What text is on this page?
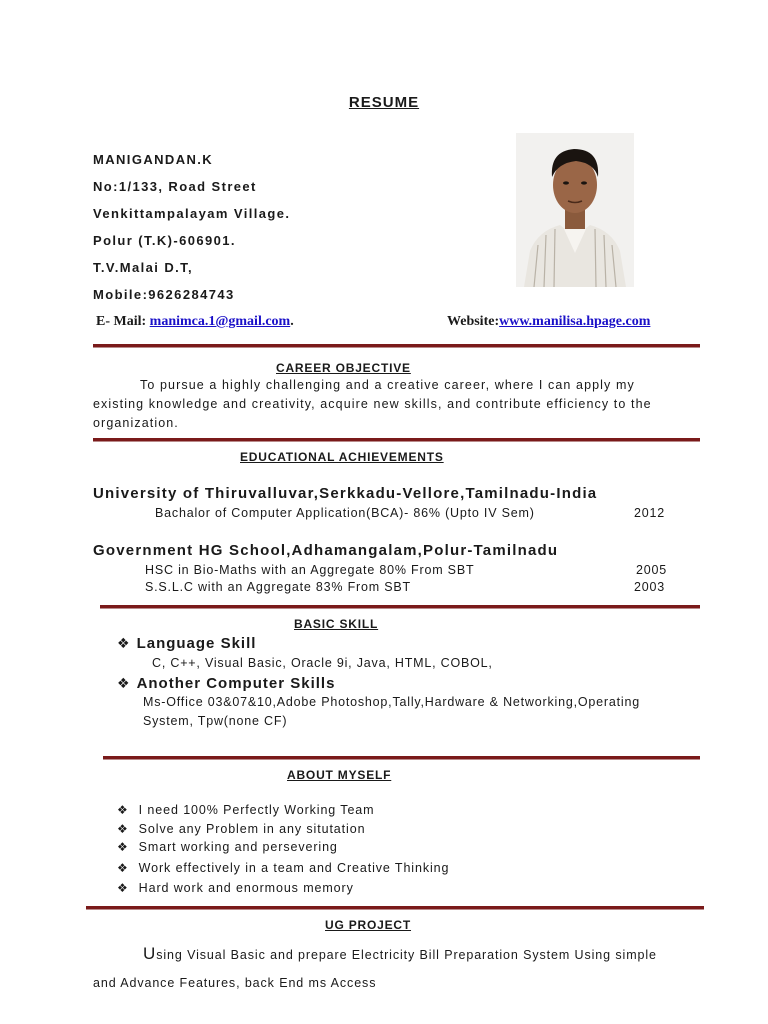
RESUME
MANIGANDAN.K
No:1/133, Road Street
Venkittampalayam Village.
Polur (T.K)-606901.
T.V.Malai D.T,
Mobile:9626284743
E- Mail: manimca.1@gmail.com.	Website:www.manilisa.hpage.com
CAREER OBJECTIVE
To pursue a highly challenging and a creative career, where I can apply my
existing knowledge and creativity, acquire new skills, and contribute efficiency to the
organization.
EDUCATIONAL ACHIEVEMENTS
University of Thiruvalluvar,Serkkadu-Vellore,Tamilnadu-India
Bachalor of Computer Application(BCA)- 86% (Upto IV Sem)	2012
Government HG School,Adhamangalam,Polur-Tamilnadu
HSC in Bio-Maths with an Aggregate 80% From SBT	2005
S.S.L.C with an Aggregate 83% From SBT	2003
BASIC SKILL
❖ Language Skill
C, C++, Visual Basic, Oracle 9i, Java, HTML, COBOL,
❖ Another Computer Skills
Ms-Office 03&07&10,Adobe Photoshop,Tally,Hardware & Networking,Operating
System, Tpw(none CF)
ABOUT MYSELF
❖ I need 100% Perfectly Working Team
❖ Solve any Problem in any situtation
❖ Smart working and persevering
❖ Work effectively in a team and Creative Thinking
❖ Hard work and enormous memory
UG PROJECT
Using Visual Basic and prepare Electricity Bill Preparation System Using simple
and Advance Features, back End ms Access
